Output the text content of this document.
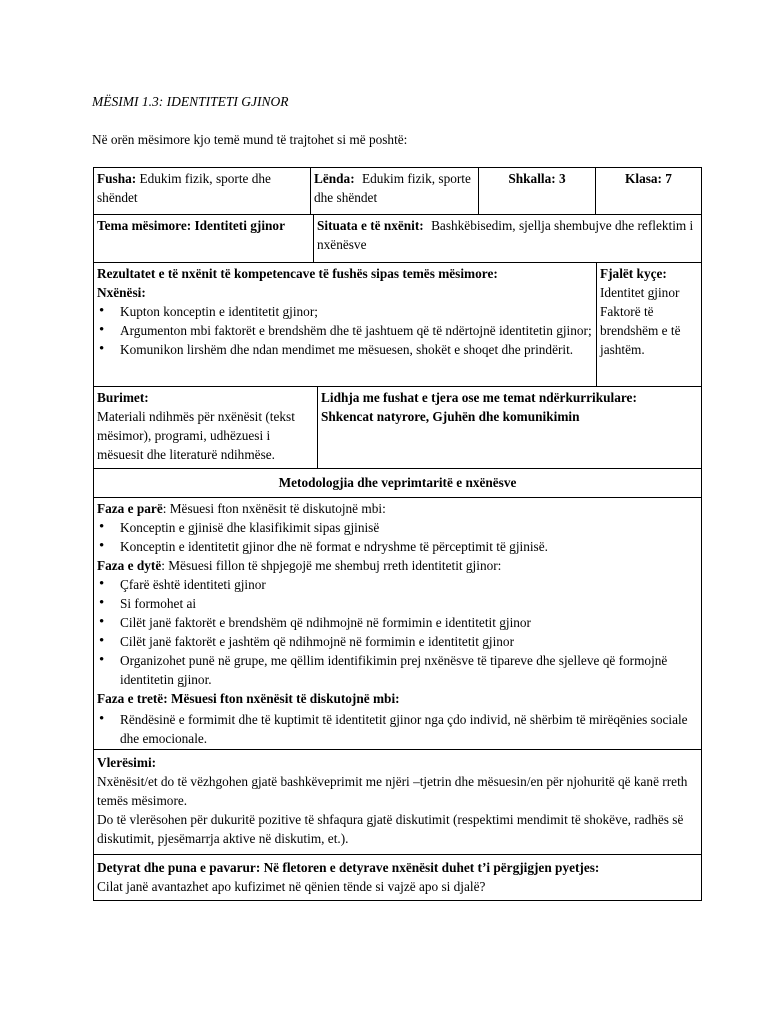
MËSIMI 1.3: IDENTITETI GJINOR
Në orën mësimore kjo temë mund të trajtohet si më poshtë:
Fusha: Edukim fizik, sporte dhe shëndet
Lënda: Edukim fizik, sporte dhe shëndet
Shkalla: 3	Klasa: 7
Tema mësimore: Identiteti gjinor	Situata e të nxënit: Bashkëbisedim, sjellja shembujve dhe reflektim i nxënësve
Rezultatet e të nxënit të kompetencave të fushës sipas temës mësimore:
Nxënësi:
• Kupton konceptin e identitetit gjinor;
• Argumenton mbi faktorët e brendshëm dhe të jashtuem që të ndërtojnë identitetin gjinor;
• Komunikon lirshëm dhe ndan mendimet me mësuesen, shokët e shoqet dhe prindërit.
Fjalët kyçe:
Identitet gjinor
Faktorë të brendshëm e të jashtëm.
Burimet:
Materiali ndihmës për nxënësit (tekst mësimor), programi, udhëzuesi i mësuesit dhe literaturë ndihmëse.
Lidhja me fushat e tjera ose me temat ndërkurrikulare:
Shkencat natyrore, Gjuhën dhe komunikimin
Metodologjia dhe veprimtaritë e nxënësve
Faza e parë: Mësuesi fton nxënësit të diskutojnë mbi:
• Konceptin e gjinisë dhe klasifikimit sipas gjinisë
• Konceptin e identitetit gjinor dhe në format e ndryshme të përceptimit të gjinisë.
Faza e dytë: Mësuesi fillon të shpjegojë me shembuj rreth identitetit gjinor:
• Çfarë është identiteti gjinor
• Si formohet ai
• Cilët janë faktorët e brendshëm që ndihmojnë në formimin e identitetit gjinor
• Cilët janë faktorët e jashtëm që ndihmojnë në formimin e identitetit gjinor
• Organizohet punë në grupe, me qëllim identifikimin prej nxënësve të tipareve dhe sjelleve që formojnë identitetin gjinor.
Faza e tretë: Mësuesi fton nxënësit të diskutojnë mbi:
• Rëndësinë e formimit dhe të kuptimit të identitetit gjinor nga çdo individ, në shërbim të mirëqënies sociale dhe emocionale.
Vlerësimi:
Nxënësit/et do të vëzhgohen gjatë bashkëveprimit me njëri –tjetrin dhe mësuesin/en për njohuritë që kanë rreth temës mësimore.
Do të vlerësohen për dukuritë pozitive të shfaqura gjatë diskutimit (respektimi mendimit të shokëve, radhës së diskutimit, pjesëmarrja aktive në diskutim, et.).
Detyrat dhe puna e pavarur: Në fletoren e detyrave nxënësit duhet t’i përgjigjen pyetjes:
Cilat janë avantazhet apo kufizimet në qënien tënde si vajzë apo si djalë?
